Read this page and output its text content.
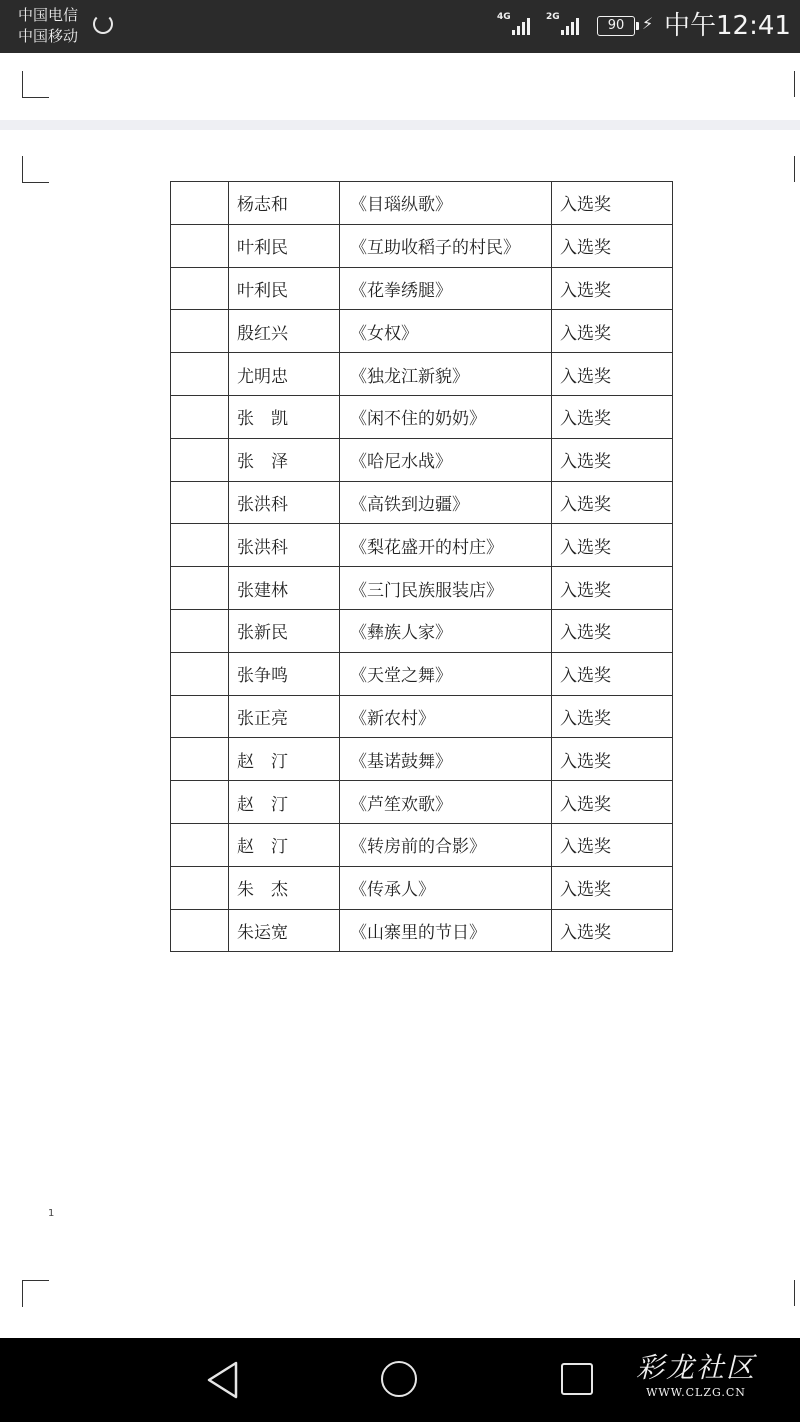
中国电信
中国移动
4G	2G
90	⚡ 中午12:41
	杨志和	《目瑙纵歌》	入选奖
	叶利民	《互助收稻子的村民》	入选奖
	叶利民	《花拳绣腿》	入选奖
	殷红兴	《女权》	入选奖
	尤明忠	《独龙江新貌》	入选奖
	张　凯	《闲不住的奶奶》	入选奖
	张　泽	《哈尼水战》	入选奖
	张洪科	《高铁到边疆》	入选奖
	张洪科	《梨花盛开的村庄》	入选奖
	张建林	《三门民族服装店》	入选奖
	张新民	《彝族人家》	入选奖
	张争鸣	《天堂之舞》	入选奖
	张正亮	《新农村》	入选奖
	赵　汀	《基诺鼓舞》	入选奖
	赵　汀	《芦笙欢歌》	入选奖
	赵　汀	《转房前的合影》	入选奖
	朱　杰	《传承人》	入选奖
	朱运宽	《山寨里的节日》	入选奖
1
彩龙社区
WWW.CLZG.CN
